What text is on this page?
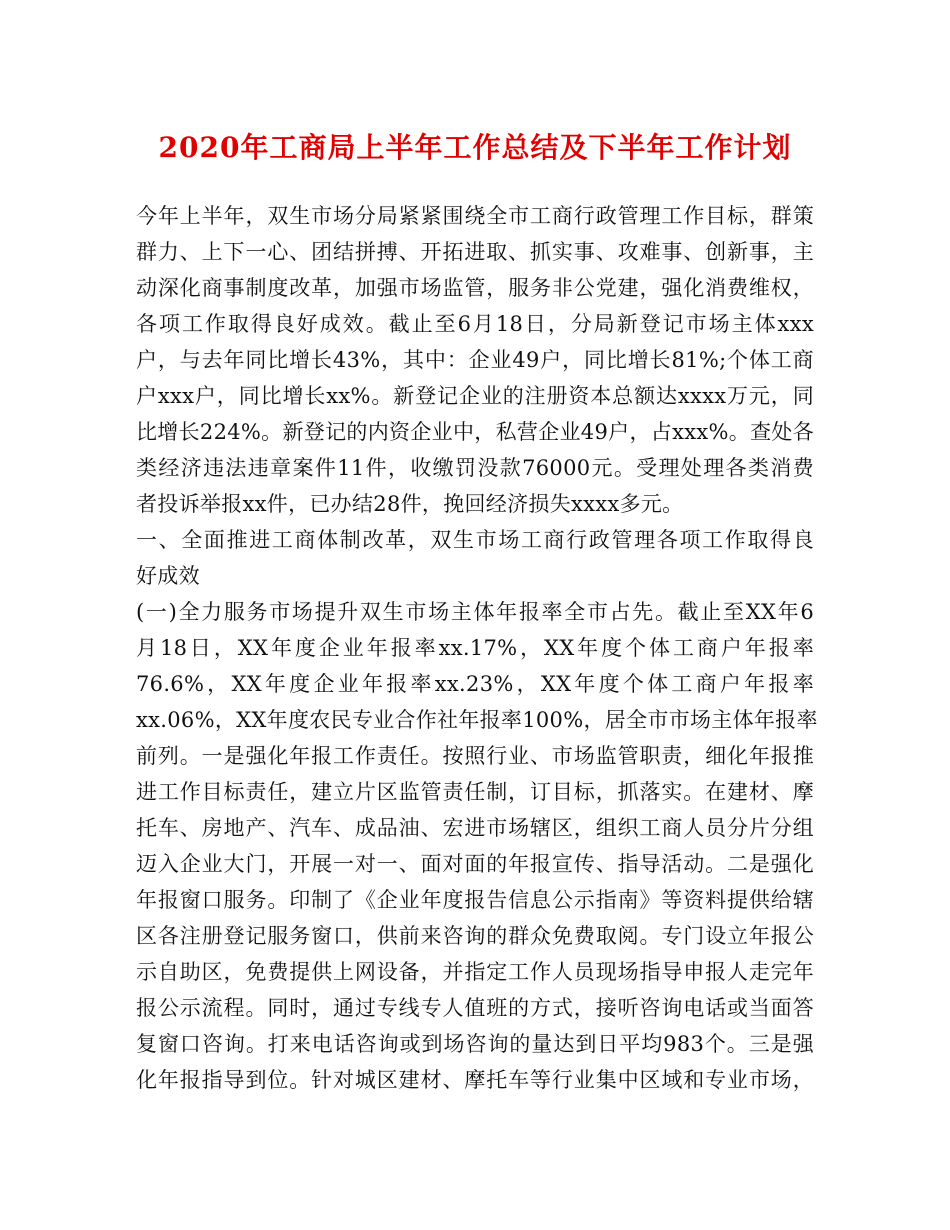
2020年工商局上半年工作总结及下半年工作计划
今年上半年，双生市场分局紧紧围绕全市工商行政管理工作目标，群策
群力、上下一心、团结拼搏、开拓进取、抓实事、攻难事、创新事，主
动深化商事制度改革，加强市场监管，服务非公党建，强化消费维权，
各项工作取得良好成效。截止至6月18日，分局新登记市场主体xxx
户，与去年同比增长43%，其中：企业49户，同比增长81%;个体工商
户xxx户，同比增长xx%。新登记企业的注册资本总额达xxxx万元，同
比增长224%。新登记的内资企业中，私营企业49户，占xxx%。查处各
类经济违法违章案件11件，收缴罚没款76000元。受理处理各类消费
者投诉举报xx件，已办结28件，挽回经济损失xxxx多元。
一、全面推进工商体制改革，双生市场工商行政管理各项工作取得良
好成效
(一)全力服务市场提升双生市场主体年报率全市占先。截止至XX年6
月18日，XX年度企业年报率xx.17%，XX年度个体工商户年报率
76.6%，XX年度企业年报率xx.23%，XX年度个体工商户年报率
xx.06%，XX年度农民专业合作社年报率100%，居全市市场主体年报率
前列。一是强化年报工作责任。按照行业、市场监管职责，细化年报推
进工作目标责任，建立片区监管责任制，订目标，抓落实。在建材、摩
托车、房地产、汽车、成品油、宏进市场辖区，组织工商人员分片分组
迈入企业大门，开展一对一、面对面的年报宣传、指导活动。二是强化
年报窗口服务。印制了《企业年度报告信息公示指南》等资料提供给辖
区各注册登记服务窗口，供前来咨询的群众免费取阅。专门设立年报公
示自助区，免费提供上网设备，并指定工作人员现场指导申报人走完年
报公示流程。同时，通过专线专人值班的方式，接听咨询电话或当面答
复窗口咨询。打来电话咨询或到场咨询的量达到日平均983个。三是强
化年报指导到位。针对城区建材、摩托车等行业集中区域和专业市场，
